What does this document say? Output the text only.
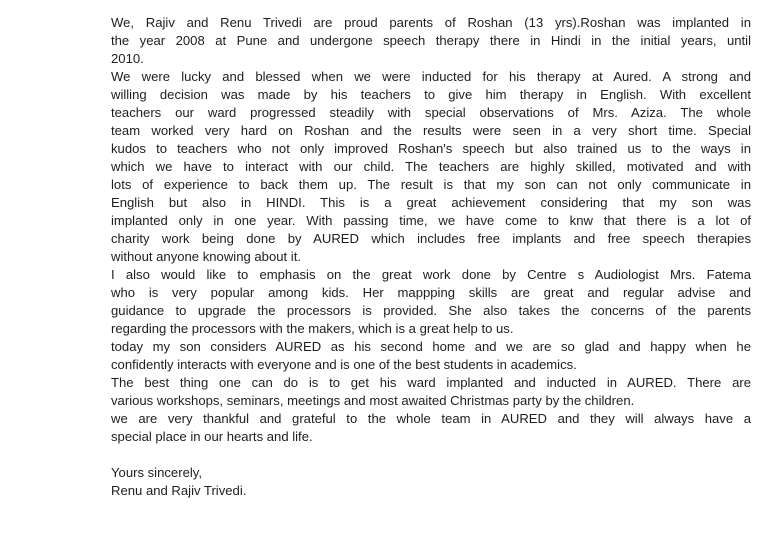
We, Rajiv and Renu Trivedi are proud parents of Roshan (13 yrs).Roshan was implanted in
the year 2008 at Pune and undergone speech therapy there in Hindi in the initial years, until
2010.
We were lucky and blessed when we were inducted for his therapy at Aured. A strong and
willing decision was made by his teachers to give him therapy in English. With excellent
teachers our ward progressed steadily with special observations of Mrs. Aziza. The whole
team worked very hard on Roshan and the results were seen in a very short time. Special
kudos to teachers who not only improved Roshan's speech but also trained us to the ways in
which we have to interact with our child. The teachers are highly skilled, motivated and with
lots of experience to back them up. The result is that my son can not only communicate in
English but also in HINDI. This is a great achievement considering that my son was
implanted only in one year. With passing time, we have come to knw that there is a lot of
charity work being done by AURED which includes free implants and free speech therapies
without anyone knowing about it.
I also would like to emphasis on the great work done by Centre s Audiologist Mrs. Fatema
who is very popular among kids. Her mappping skills are great and regular advise and
guidance to upgrade the processors is provided. She also takes the concerns of the parents
regarding the processors with the makers, which is a great help to us.
today my son considers AURED as his second home and we are so glad and happy when he
confidently interacts with everyone and is one of the best students in academics.
The best thing one can do is to get his ward implanted and inducted in AURED. There are
various workshops, seminars, meetings and most awaited Christmas party by the children.
we are very thankful and grateful to the whole team in AURED and they will always have a
special place in our hearts and life.
Yours sincerely,
Renu and Rajiv Trivedi.
